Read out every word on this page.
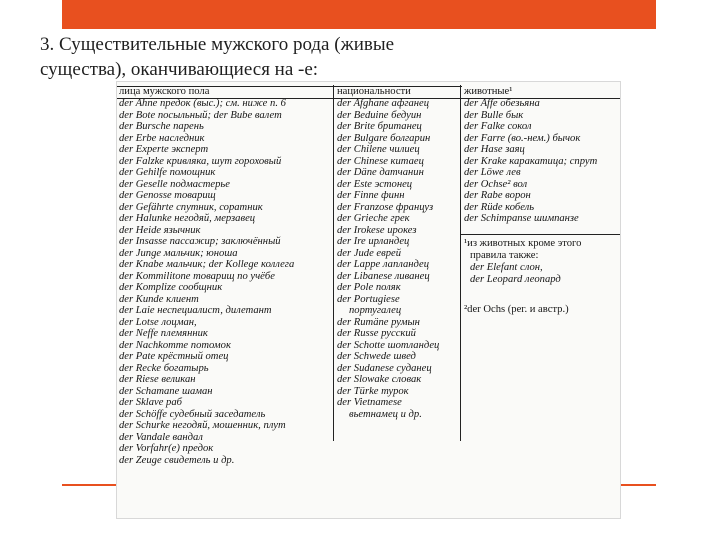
3. Существительные мужского рода (живые
существа), оканчивающиеся на -е:
лица мужского пола
der Ahne предок (выс.); см. ниже п. 6
der Bote посыльный; der Bube валет
der Bursche парень
der Erbe наследник
der Experte эксперт
der Falzke кривляка, шут гороховый
der Gehilfe помощник
der Geselle подмастерье
der Genosse товарищ
der Gefährte спутник, соратник
der Halunke негодяй, мерзавец
der Heide язычник
der Insasse пассажир; заключённый
der Junge мальчик; юноша
der Knabe мальчик; der Kollege коллега
der Kommilitone товарищ по учёбе
der Komplize сообщник
der Kunde клиент
der Laie неспециалист, дилетант
der Lotse лоцман,
der Neffe племянник
der Nachkomme потомок
der Pate крёстный отец
der Recke богатырь
der Riese великан
der Schamane шаман
der Sklave раб
der Schöffe судебный заседатель
der Schurke негодяй, мошенник, плут
der Vandale вандал
der Vorfahr(e) предок
der Zeuge свидетель и др.
национальности
der Afghane афганец
der Beduine бедуин
der Brite британец
der Bulgare болгарин
der Chilene чилиец
der Chinese китаец
der Däne датчанин
der Este эстонец
der Finne финн
der Franzose француз
der Grieche грек
der Irokese ирокез
der Ire ирландец
der Jude еврей
der Lappe лапландец
der Libanese ливанец
der Pole поляк
der Portugiese
португалец
der Rumäne румын
der Russe русский
der Schotte шотландец
der Schwede швед
der Sudanese суданец
der Slowake словак
der Türke турок
der Vietnamese
вьетнамец и др.
животные¹
der Affe обезьяна
der Bulle бык
der Falke сокол
der Farre (во.-нем.) бычок
der Hase заяц
der Krake каракатица; спрут
der Löwe лев
der Ochse² вол
der Rabe ворон
der Rüde кобель
der Schimpanse шимпанзе
¹из животных кроме этого
правила также:
der Elefant слон,
der Leopard леопард
²der Ochs (рег. и австр.)
